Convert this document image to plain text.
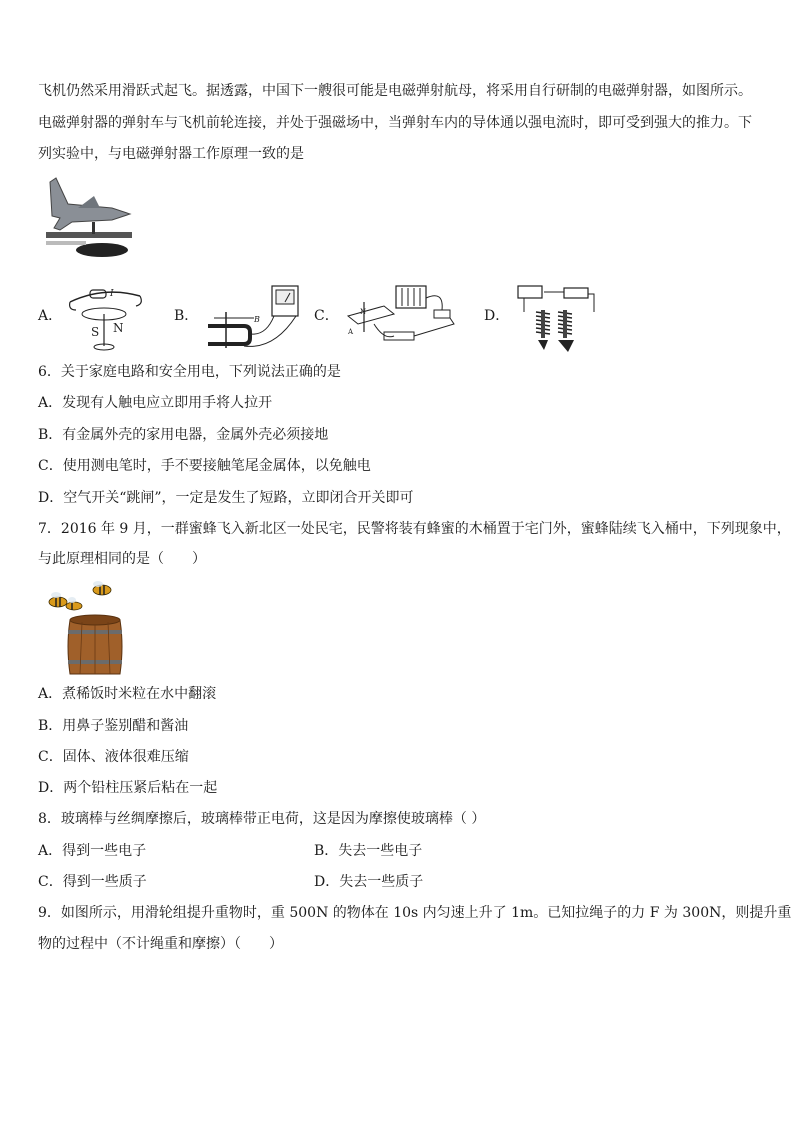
飞机仍然采用滑跃式起飞。据透露，中国下一艘很可能是电磁弹射航母，将采用自行研制的电磁弹射器，如图所示。
电磁弹射器的弹射车与飞机前轮连接，并处于强磁场中，当弹射车内的导体通以强电流时，即可受到强大的推力。下
列实验中，与电磁弹射器工作原理一致的是
A．	B．	C．	D．
I
S N
B
N
A
6．关于家庭电路和安全用电，下列说法正确的是
A．发现有人触电应立即用手将人拉开
B．有金属外壳的家用电器，金属外壳必须接地
C．使用测电笔时，手不要接触笔尾金属体，以免触电
D．空气开关“跳闸”，一定是发生了短路，立即闭合开关即可
7．2016 年 9 月，一群蜜蜂飞入新北区一处民宅，民警将装有蜂蜜的木桶置于宅门外，蜜蜂陆续飞入桶中，下列现象中，
与此原理相同的是（　　）
A．煮稀饭时米粒在水中翻滚
B．用鼻子鉴别醋和酱油
C．固体、液体很难压缩
D．两个铅柱压紧后粘在一起
8．玻璃棒与丝绸摩擦后，玻璃棒带正电荷，这是因为摩擦使玻璃棒（ ）
A．得到一些电子	B．失去一些电子
C．得到一些质子	D．失去一些质子
9．如图所示，用滑轮组提升重物时，重 500N 的物体在 10s 内匀速上升了 1m。已知拉绳子的力 F 为 300N，则提升重
物的过程中（不计绳重和摩擦）（　　）
